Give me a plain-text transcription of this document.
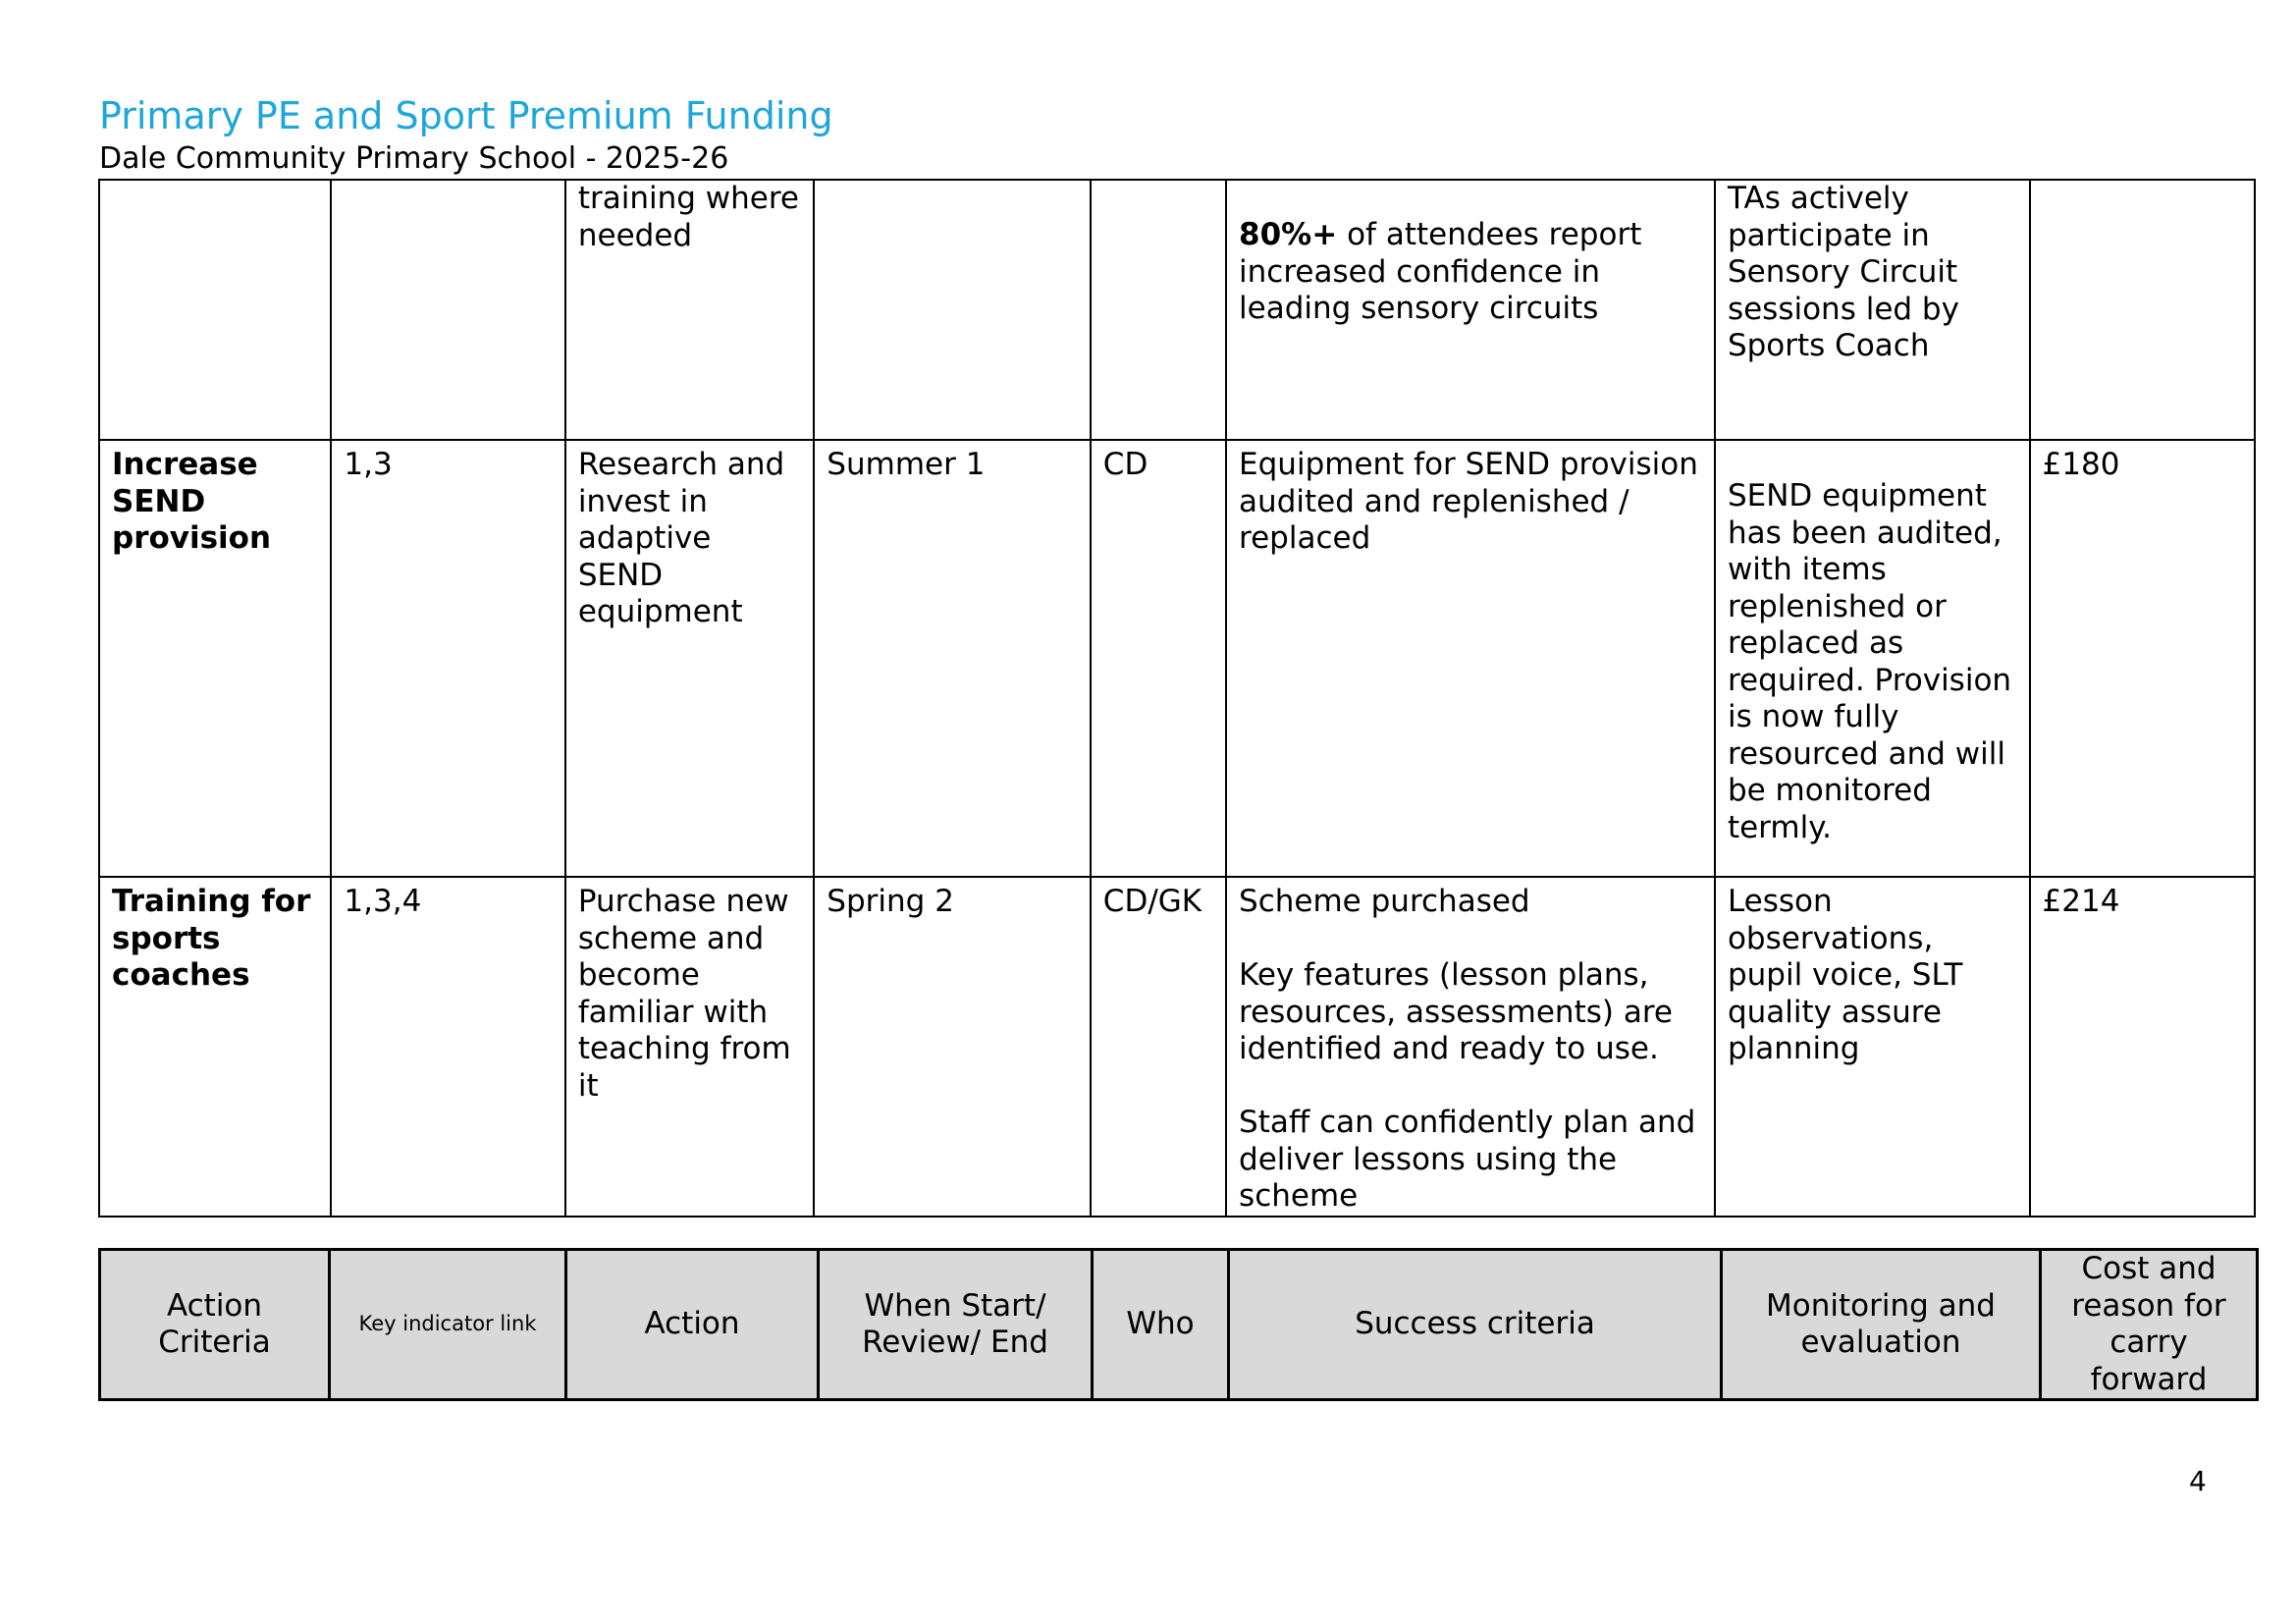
Primary PE and Sport Premium Funding
Dale Community Primary School - 2025-26
		training where needed			80%+ of attendees report increased confidence in leading sensory circuits	TAs actively participate in Sensory Circuit sessions led by Sports Coach	
Increase SEND provision	1,3	Research and invest in adaptive SEND equipment	Summer 1	CD	Equipment for SEND provision audited and replenished / replaced	SEND equipment has been audited, with items replenished or replaced as required. Provision is now fully resourced and will be monitored termly.	£180
Training for sports coaches	1,3,4	Purchase new scheme and become familiar with teaching from it	Spring 2	CD/GK	Scheme purchased
Key features (lesson plans, resources, assessments) are identified and ready to use.
Staff can confidently plan and deliver lessons using the scheme	Lesson observations, pupil voice, SLT quality assure planning	£214
Action Criteria	Key indicator link	Action	When Start/ Review/ End	Who	Success criteria	Monitoring and evaluation	Cost and reason for carry forward
4
